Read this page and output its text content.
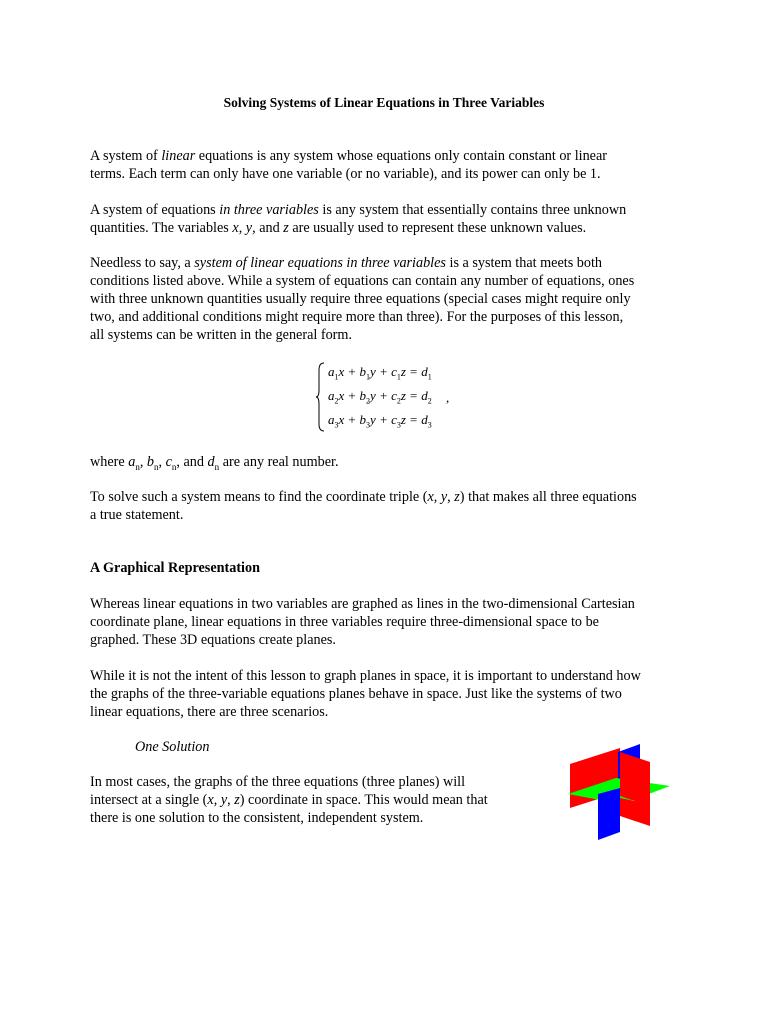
Solving Systems of Linear Equations in Three Variables
A system of linear equations is any system whose equations only contain constant or linear
terms. Each term can only have one variable (or no variable), and its power can only be 1.
A system of equations in three variables is any system that essentially contains three unknown
quantities. The variables x, y, and z are usually used to represent these unknown values.
Needless to say, a system of linear equations in three variables is a system that meets both
conditions listed above. While a system of equations can contain any number of equations, ones
with three unknown quantities usually require three equations (special cases might require only
two, and additional conditions might require more than three). For the purposes of this lesson,
all systems can be written in the general form.
$a_1x + b_1y + c_1z = d_1$
$a_2x + b_2y + c_2z = d_2$
$a_3x + b_3y + c_3z = d_3$
,
where $a_n$, $b_n$, $c_n$, and $d_n$ are any real number.
To solve such a system means to find the coordinate triple (x, y, z) that makes all three equations
a true statement.
A Graphical Representation
Whereas linear equations in two variables are graphed as lines in the two-dimensional Cartesian
coordinate plane, linear equations in three variables require three-dimensional space to be
graphed. These 3D equations create planes.
While it is not the intent of this lesson to graph planes in space, it is important to understand how
the graphs of the three-variable equations planes behave in space. Just like the systems of two
linear equations, there are three scenarios.
One Solution
In most cases, the graphs of the three equations (three planes) will
intersect at a single (x, y, z) coordinate in space. This would mean that
there is one solution to the consistent, independent system.
